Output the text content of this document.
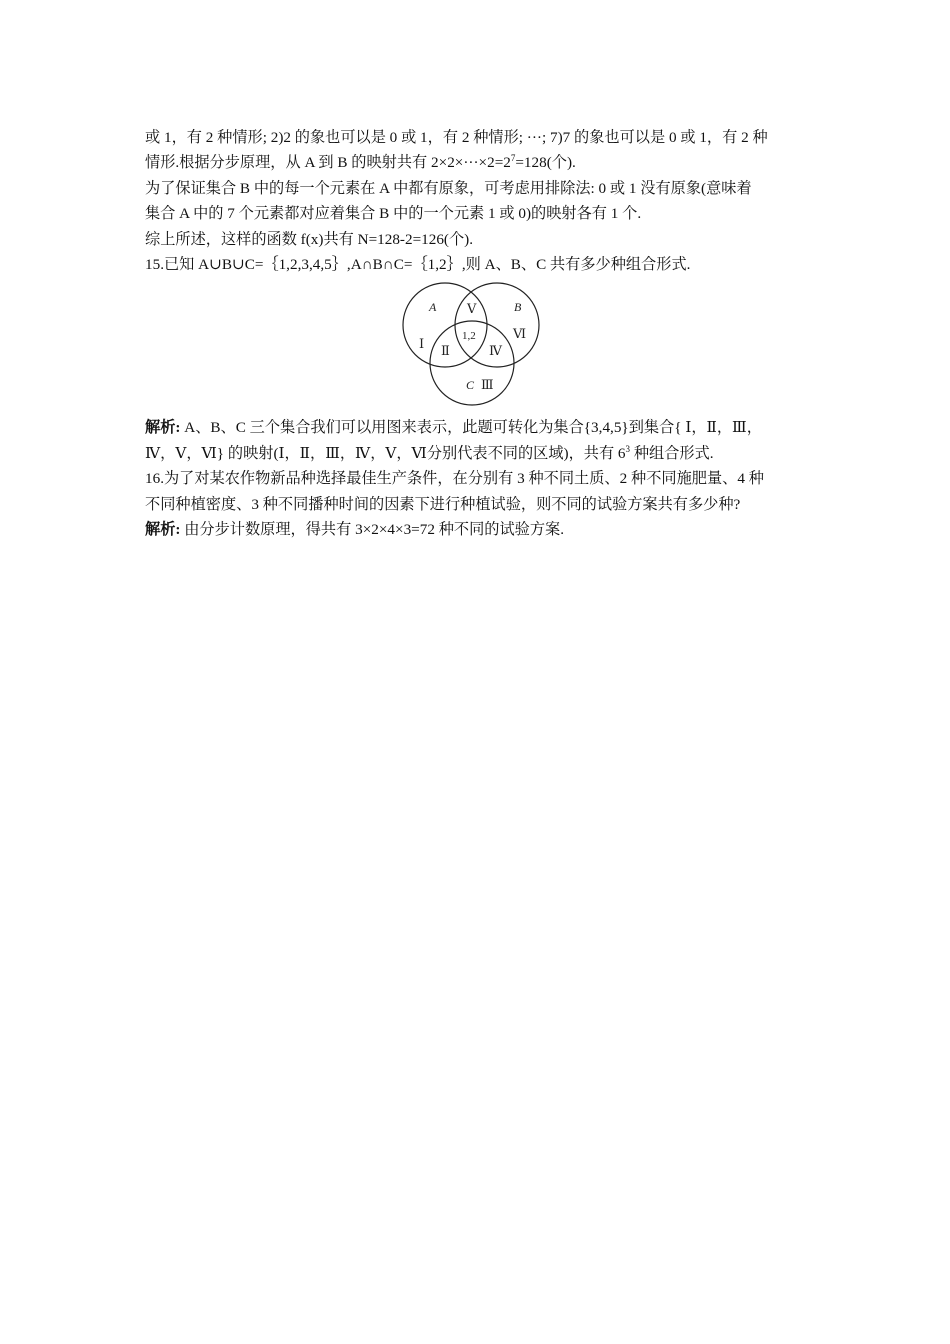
或 1，有 2 种情形; 2)2 的象也可以是 0 或 1，有 2 种情形; ···; 7)7 的象也可以是 0 或 1，有 2 种
情形.根据分步原理，从 A 到 B 的映射共有 $2\times 2\times\cdot\cdot\cdot\times 2=2^7=128$(个).
为了保证集合 B 中的每一个元素在 A 中都有原象，可考虑用排除法: 0 或 1 没有原象(意味着
集合 A 中的 7 个元素都对应着集合 B 中的一个元素 1 或 0)的映射各有 1 个.
综上所述，这样的函数 f(x)共有 N=128-2=126(个).
15.已知 A∪B∪C=｛1,2,3,4,5｝,A∩B∩C=｛1,2｝,则 A、B、C 共有多少种组合形式.
A	B
Ⅴ
1,2
Ⅰ Ⅱ	Ⅳ
Ⅵ
C Ⅲ
解析: A、B、C 三个集合我们可以用图来表示，此题可转化为集合{3,4,5}到集合{ Ⅰ，Ⅱ，Ⅲ，
Ⅳ，Ⅴ，Ⅵ} 的映射(Ⅰ，Ⅱ，Ⅲ，Ⅳ，Ⅴ，Ⅵ分别代表不同的区域)，共有 $6^3$ 种组合形式.
16.为了对某农作物新品种选择最佳生产条件，在分别有 3 种不同土质、2 种不同施肥量、4 种
不同种植密度、3 种不同播种时间的因素下进行种植试验，则不同的试验方案共有多少种?
解析: 由分步计数原理，得共有 3×2×4×3=72 种不同的试验方案.
